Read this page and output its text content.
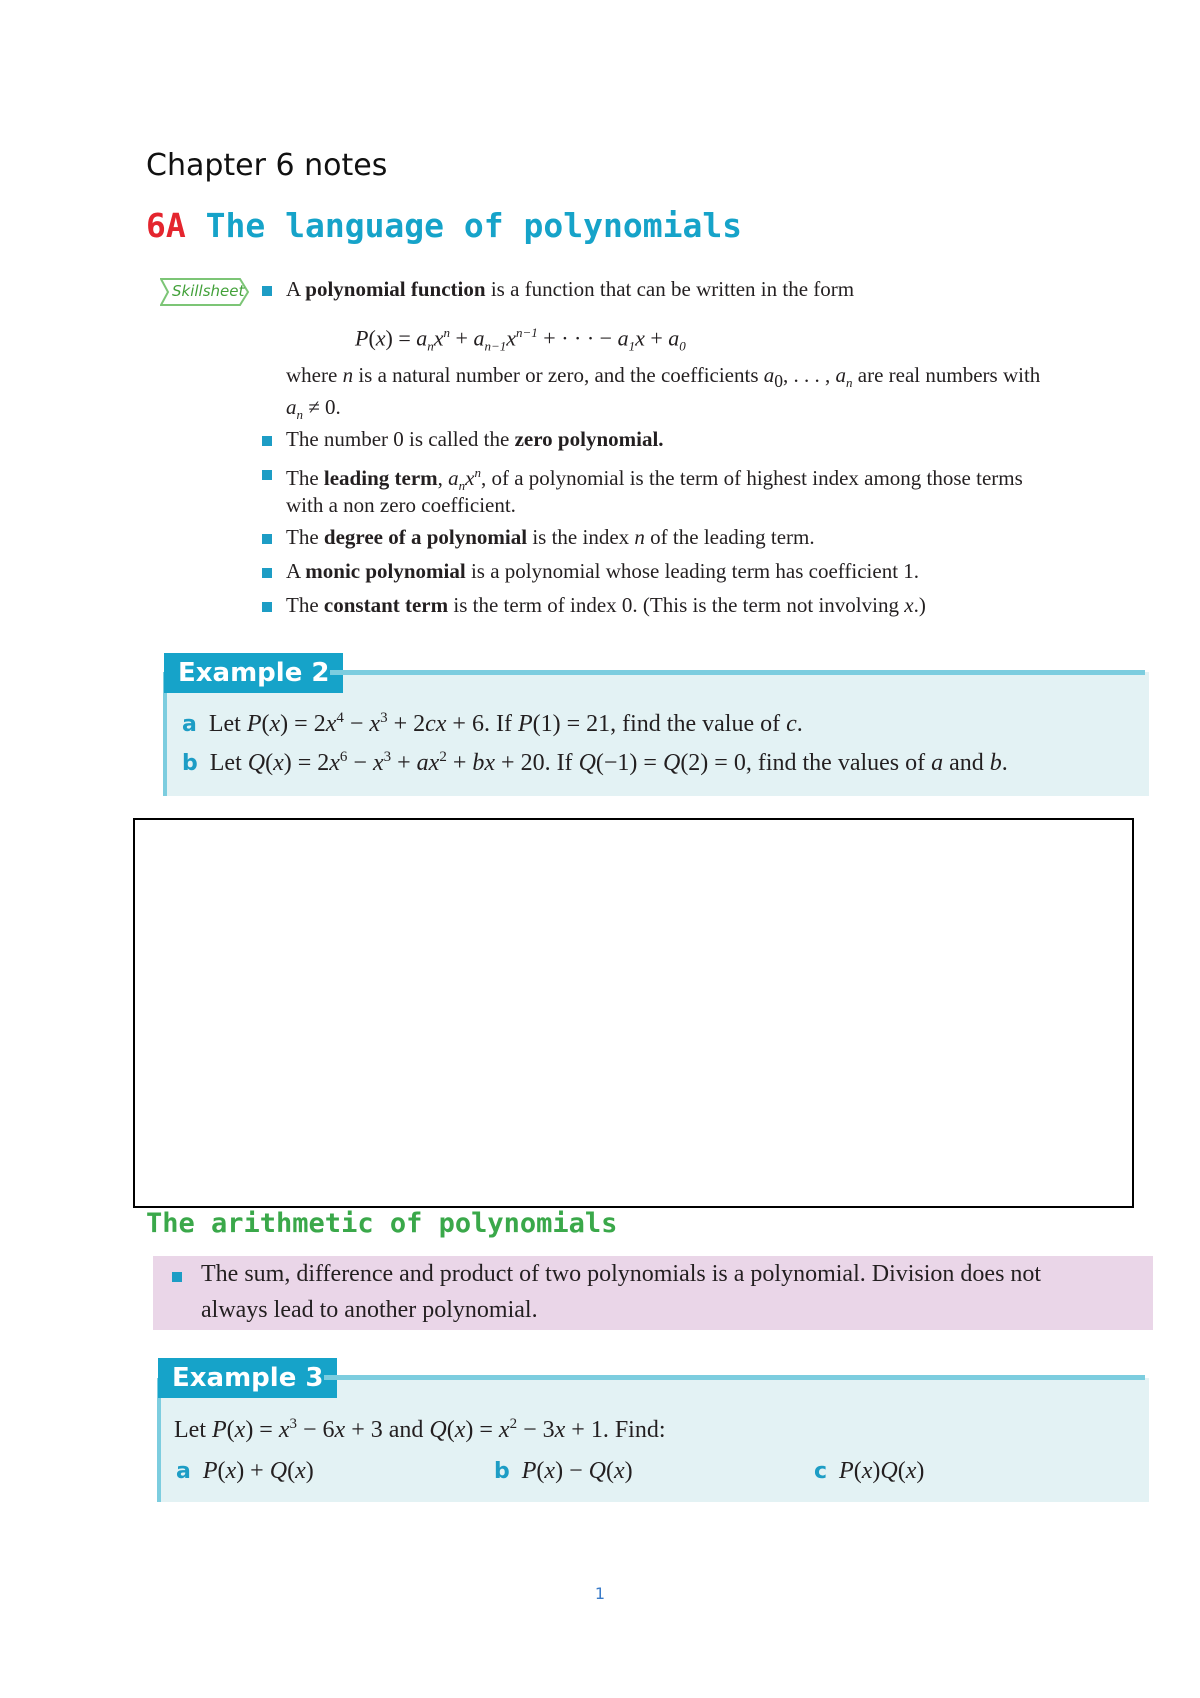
Chapter 6 notes
6A The language of polynomials
Skillsheet A polynomial function is a function that can be written in the form
$P(x) = a_nx^n + a_{n-1}x^{n-1}$ + · · · − $a_1x + a_0$
where n is a natural number or zero, and the coefficients $a_0$, . . . , $a_n$ are real numbers with
$a_n \ne 0$.
The number 0 is called the zero polynomial.
The leading term, $a_nx^n$, of a polynomial is the term of highest index among those terms
with a non zero coefficient.
The degree of a polynomial is the index n of the leading term.
A monic polynomial is a polynomial whose leading term has coefficient 1.
The constant term is the term of index 0. (This is the term not involving x.)
Example 2
a  Let $P(x) = 2x^4 - x^3 + 2cx + 6$. If P(1) = 21, find the value of c.
b  Let $Q(x) = 2x^6 - x^3 + ax^2$ + bx + 20. If Q(−1) = Q(2) = 0, find the values of a and b.
The arithmetic of polynomials
The sum, difference and product of two polynomials is a polynomial. Division does not
always lead to another polynomial.
Example 3
Let $P(x) = x^3 - 6x + 3$ and $Q(x) = x^2 - 3x + 1$. Find:
a P(x) + Q(x)	b P(x) − Q(x)	c P(x)Q(x)
1
